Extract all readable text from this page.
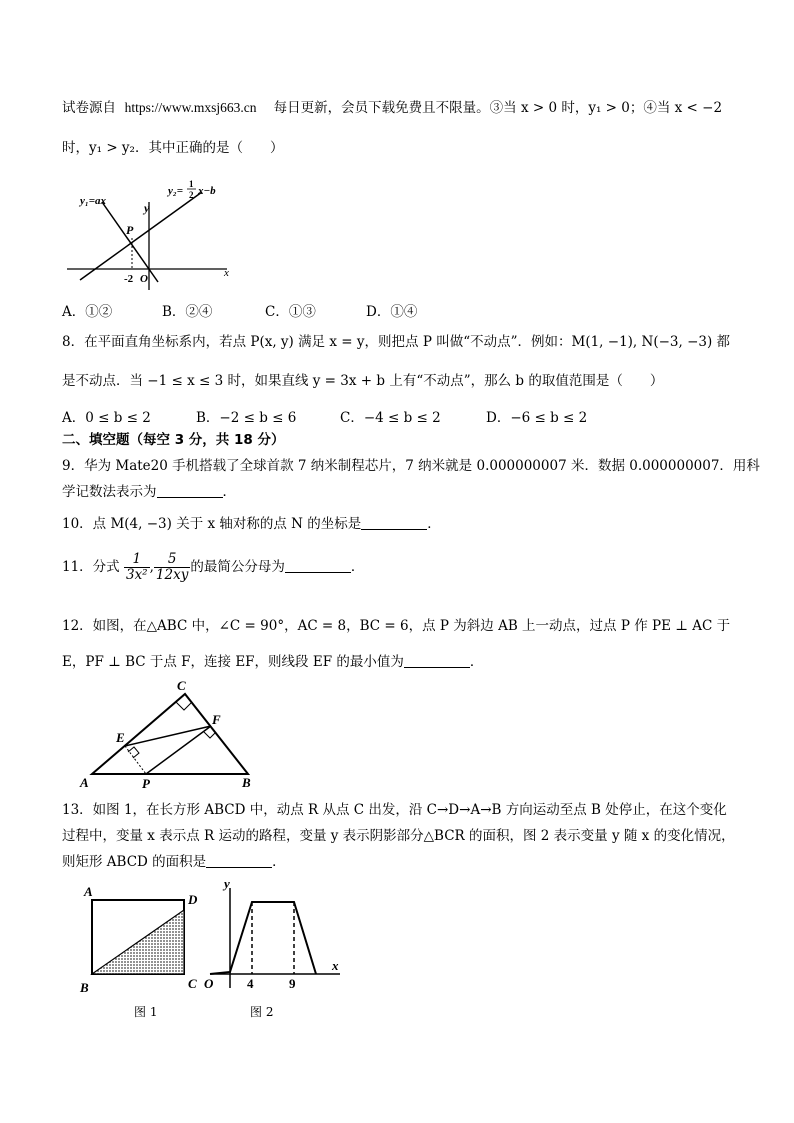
试卷源自 https://www.mxsj663.cn 每日更新，会员下载免费且不限量。③当 x > 0 时，y₁ > 0；④当 x < −2
时，y₁ > y₂．其中正确的是（　　）
y₁=ax
y₂=
1
2 x−b
y
x
P
-2 O
A．①②	B．②④	C．①③	D．①④
8．在平面直角坐标系内，若点 P(x, y) 满足 x = y，则把点 P 叫做“不动点”．例如：M(1, −1), N(−3, −3) 都
是不动点．当 −1 ≤ x ≤ 3 时，如果直线 y = 3x + b 上有“不动点”，那么 b 的取值范围是（　　）
A．0 ≤ b ≤ 2	B．−2 ≤ b ≤ 6	C．−4 ≤ b ≤ 2	D．−6 ≤ b ≤ 2
二、填空题（每空 3 分，共 18 分）
9．华为 Mate20 手机搭载了全球首款 7 纳米制程芯片，7 纳米就是 0.000000007 米．数据 0.000000007．用科
学记数法表示为	．
10．点 M(4, −3) 关于 x 轴对称的点 N 的坐标是	．
11．分式 $\frac{1}{\text{3x²}}$ , $\frac{5}{12xy}$ 的最简公分母为	．
12．如图，在△ABC 中，∠C = 90°，AC = 8，BC = 6，点 P 为斜边 AB 上一动点，过点 P 作 PE ⊥ AC 于
E，PF ⊥ BC 于点 F，连接 EF，则线段 EF 的最小值为	．
C
F
E
A	P	B
13．如图 1，在长方形 ABCD 中，动点 R 从点 C 出发，沿 C→D→A→B 方向运动至点 B 处停止，在这个变化
过程中，变量 x 表示点 R 运动的路程，变量 y 表示阴影部分△BCR 的面积，图 2 表示变量 y 随 x 的变化情况，
则矩形 ABCD 的面积是	．
A
D
B	C
图 1
y
x
O	4	9
图 2
